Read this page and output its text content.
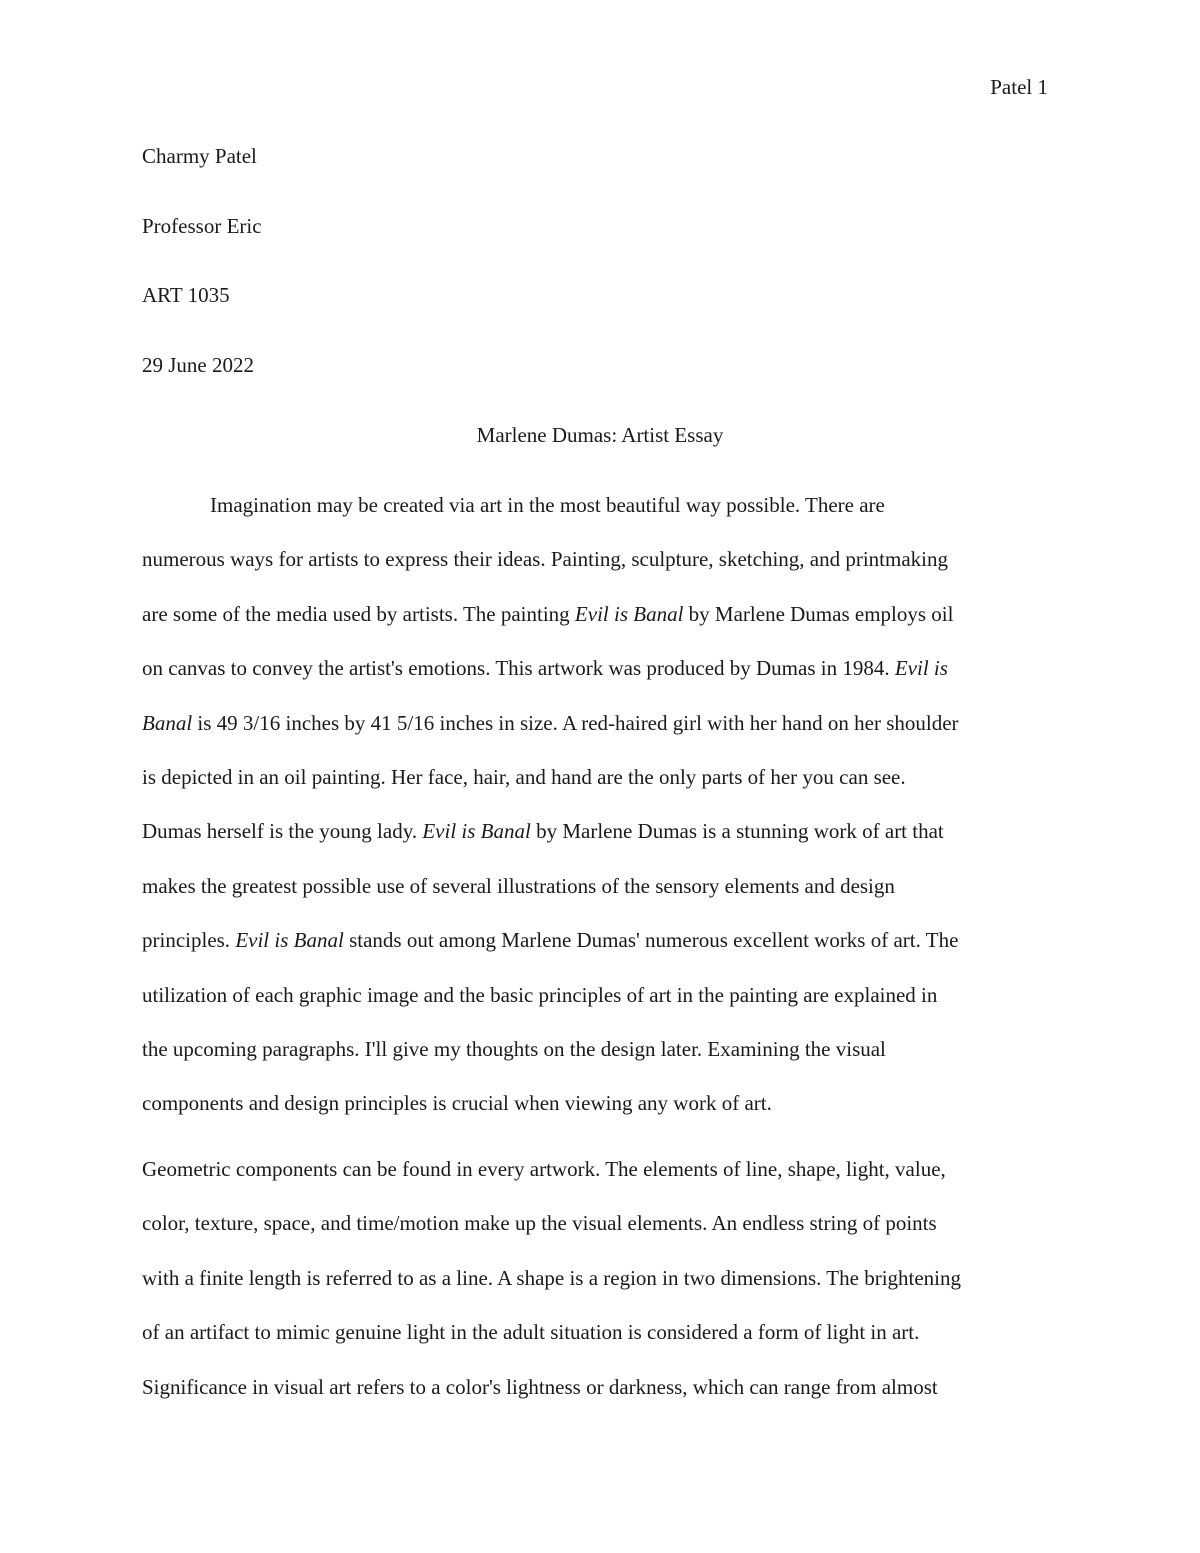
Patel 1
Charmy Patel
Professor Eric
ART 1035
29 June 2022
Marlene Dumas: Artist Essay

Imagination may be created via art in the most beautiful way possible. There are
numerous ways for artists to express their ideas. Painting, sculpture, sketching, and printmaking
are some of the media used by artists. The painting Evil is Banal by Marlene Dumas employs oil
on canvas to convey the artist's emotions. This artwork was produced by Dumas in 1984. Evil is
Banal is 49 3/16 inches by 41 5/16 inches in size. A red-haired girl with her hand on her shoulder
is depicted in an oil painting. Her face, hair, and hand are the only parts of her you can see.
Dumas herself is the young lady. Evil is Banal by Marlene Dumas is a stunning work of art that
makes the greatest possible use of several illustrations of the sensory elements and design
principles. Evil is Banal stands out among Marlene Dumas' numerous excellent works of art. The
utilization of each graphic image and the basic principles of art in the painting are explained in
the upcoming paragraphs. I'll give my thoughts on the design later. Examining the visual
components and design principles is crucial when viewing any work of art.

Geometric components can be found in every artwork. The elements of line, shape, light, value,
color, texture, space, and time/motion make up the visual elements. An endless string of points
with a finite length is referred to as a line. A shape is a region in two dimensions. The brightening
of an artifact to mimic genuine light in the adult situation is considered a form of light in art.
Significance in visual art refers to a color's lightness or darkness, which can range from almost
